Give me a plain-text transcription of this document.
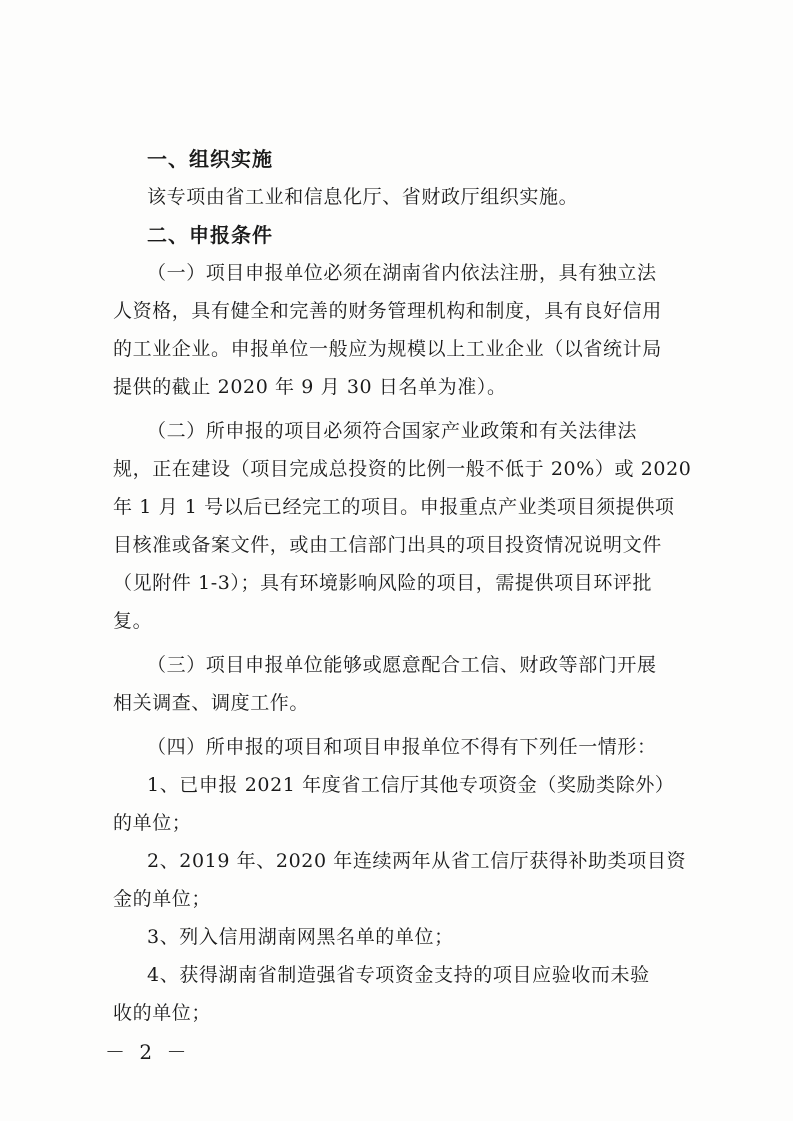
一、组织实施

该专项由省工业和信息化厅、省财政厅组织实施。

二、申报条件

（一）项目申报单位必须在湖南省内依法注册，具有独立法

人资格，具有健全和完善的财务管理机构和制度，具有良好信用

的工业企业。申报单位一般应为规模以上工业企业（以省统计局

提供的截止 2020 年 9 月 30 日名单为准）。

（二）所申报的项目必须符合国家产业政策和有关法律法

规，正在建设（项目完成总投资的比例一般不低于 20%）或 2020

年 1 月 1 号以后已经完工的项目。申报重点产业类项目须提供项

目核准或备案文件，或由工信部门出具的项目投资情况说明文件

（见附件 1-3）；具有环境影响风险的项目，需提供项目环评批

复。

（三）项目申报单位能够或愿意配合工信、财政等部门开展

相关调查、调度工作。

（四）所申报的项目和项目申报单位不得有下列任一情形：

1、已申报 2021 年度省工信厅其他专项资金（奖励类除外）

的单位；

2、2019 年、2020 年连续两年从省工信厅获得补助类项目资

金的单位；

3、列入信用湖南网黑名单的单位；

4、获得湖南省制造强省专项资金支持的项目应验收而未验

收的单位；

－ 2 －
